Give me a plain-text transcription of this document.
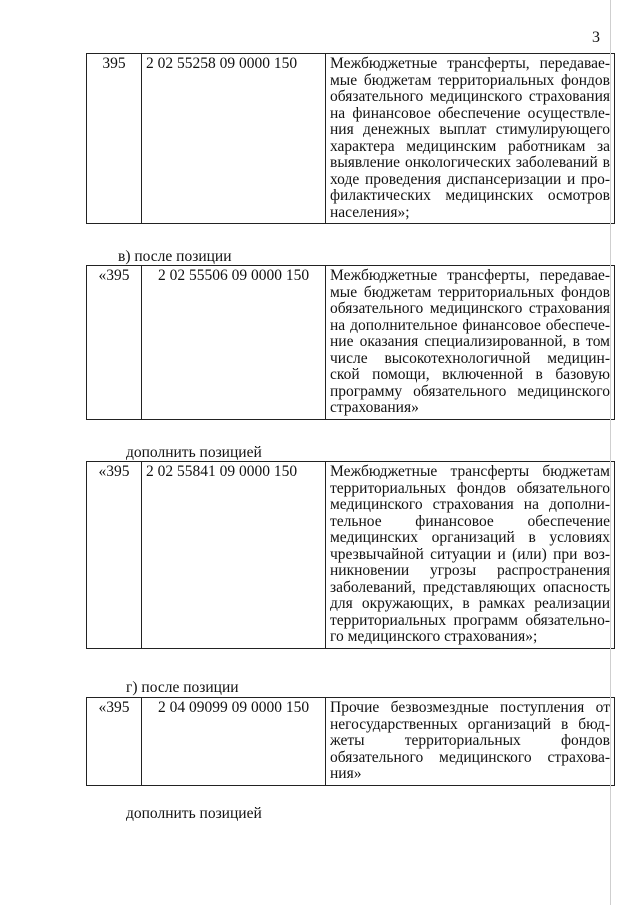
3
395	2 02 55258 09 0000 150	Межбюджетные трансферты, передавае-
мые бюджетам территориальных фондов
обязательного медицинского страхования
на финансовое обеспечение осуществле-
ния денежных выплат стимулирующего
характера медицинским работникам за
выявление онкологических заболеваний в
ходе проведения диспансеризации и про-
филактических медицинских осмотров
населения»;
в) после позиции
«395	2 02 55506 09 0000 150	Межбюджетные трансферты, передавае-
мые бюджетам территориальных фондов
обязательного медицинского страхования
на дополнительное финансовое обеспече-
ние оказания специализированной, в том
числе высокотехнологичной медицин-
ской помощи, включенной в базовую
программу обязательного медицинского
страхования»
дополнить позицией
«395	2 02 55841 09 0000 150	Межбюджетные трансферты бюджетам
территориальных фондов обязательного
медицинского страхования на дополни-
тельное финансовое обеспечение
медицинских организаций в условиях
чрезвычайной ситуации и (или) при воз-
никновении угрозы распространения
заболеваний, представляющих опасность
для окружающих, в рамках реализации
территориальных программ обязательно-
го медицинского страхования»;
г) после позиции
«395	2 04 09099 09 0000 150	Прочие безвозмездные поступления от
негосударственных организаций в бюд-
жеты территориальных фондов
обязательного медицинского страхова-
ния»
дополнить позицией
